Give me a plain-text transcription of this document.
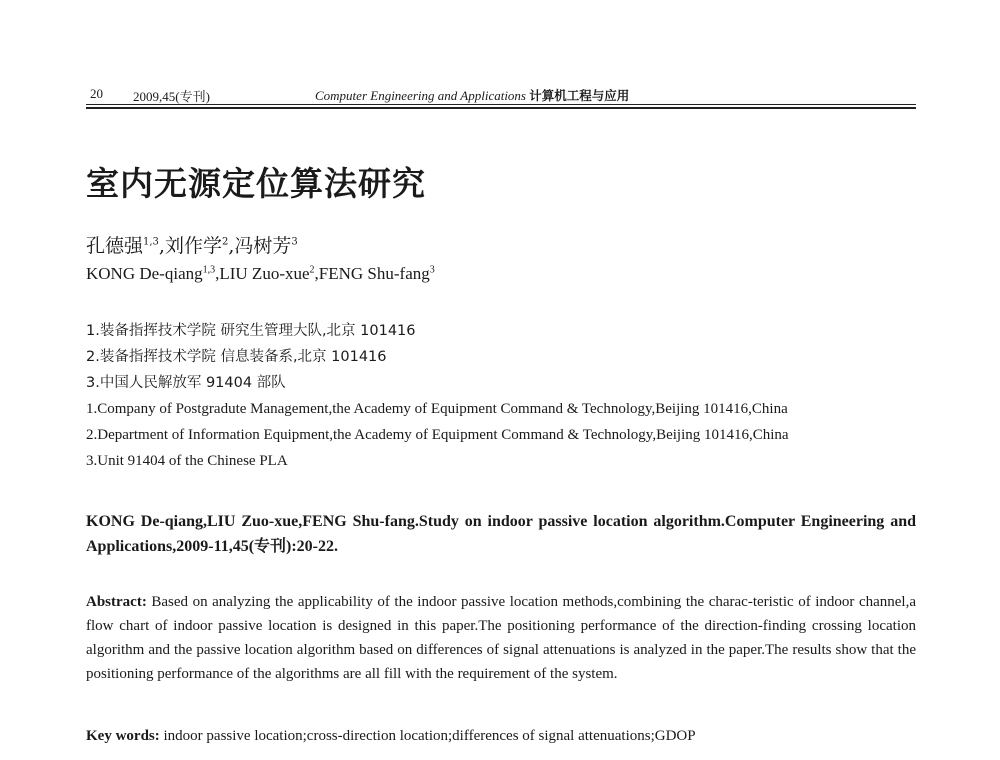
20 2009,45(专刊)	Computer Engineering and Applications 计算机工程与应用
室内无源定位算法研究
孔德强$^{1,3}$,刘作学$^2$,冯树芳$^3$
KONG De-qiang$^{1,3}$,LIU Zuo-xue$^2$,FENG Shu-fang$^3$
1.装备指挥技术学院 研究生管理大队,北京 101416
2.装备指挥技术学院 信息装备系,北京 101416
3.中国人民解放军 91404 部队
1.Company of Postgradute Management,the Academy of Equipment Command & Technology,Beijing 101416,China
2.Department of Information Equipment,the Academy of Equipment Command & Technology,Beijing 101416,China
3.Unit 91404 of the Chinese PLA
KONG De-qiang,LIU Zuo-xue,FENG Shu-fang.Study on indoor passive location algorithm.Computer Engineering and Applications,2009-11,45(专刊):20-22.

Abstract: Based on analyzing the applicability of the indoor passive location methods,combining the charac-teristic of indoor channel,a flow chart of indoor passive location is designed in this paper.The positioning performance of the direction-finding crossing location algorithm and the passive location algorithm based on differences of signal attenuations is analyzed in the paper.The results show that the positioning performance of the algorithms are all fill with the requirement of the system.

Key words: indoor passive location;cross-direction location;differences of signal attenuations;GDOP
